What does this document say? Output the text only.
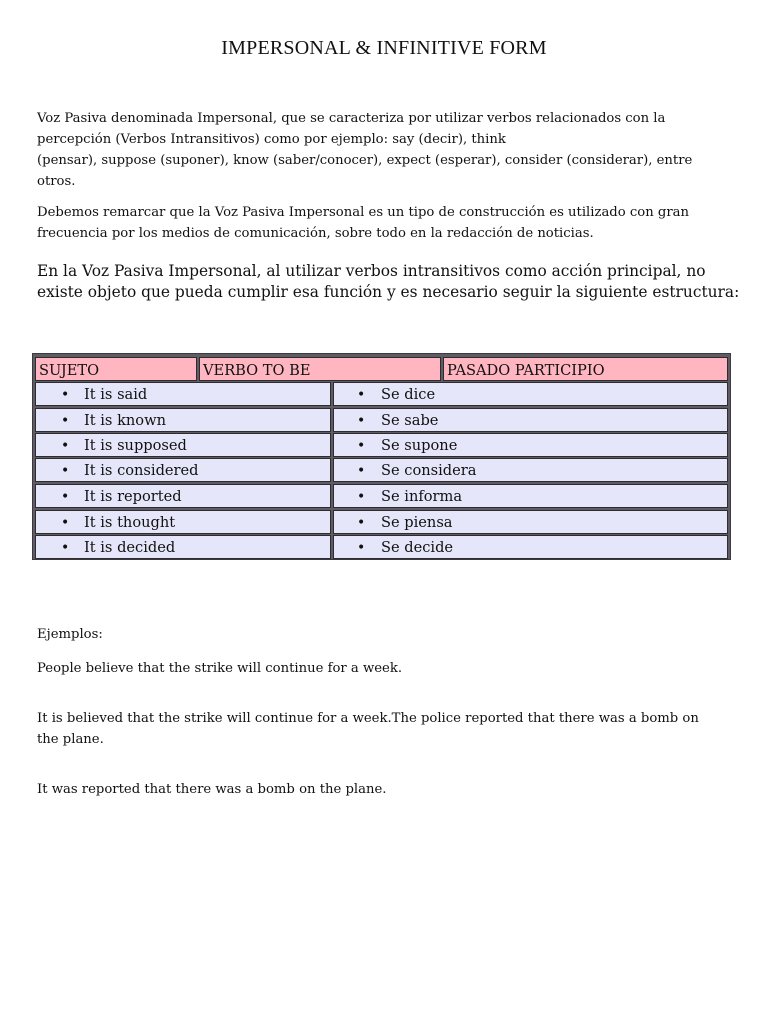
IMPERSONAL & INFINITIVE FORM
Voz Pasiva denominada Impersonal, que se caracteriza por utilizar verbos relacionados con la
percepción (Verbos Intransitivos) como por ejemplo: say (decir), think
(pensar), suppose (suponer), know (saber/conocer), expect (esperar), consider (considerar), entre
otros.
Debemos remarcar que la Voz Pasiva Impersonal es un tipo de construcción es utilizado con gran
frecuencia por los medios de comunicación, sobre todo en la redacción de noticias.
En la Voz Pasiva Impersonal, al utilizar verbos intransitivos como acción principal, no
existe objeto que pueda cumplir esa función y es necesario seguir la siguiente estructura:
SUJETO	VERBO TO BE	PASADO PARTICIPIO
• It is said	• Se dice
• It is known	• Se sabe
• It is supposed	• Se supone
• It is considered	• Se considera
• It is reported	• Se informa
• It is thought	• Se piensa
• It is decided	• Se decide
Ejemplos:
People believe that the strike will continue for a week.
It is believed that the strike will continue for a week.The police reported that there was a bomb on
the plane.
It was reported that there was a bomb on the plane.
